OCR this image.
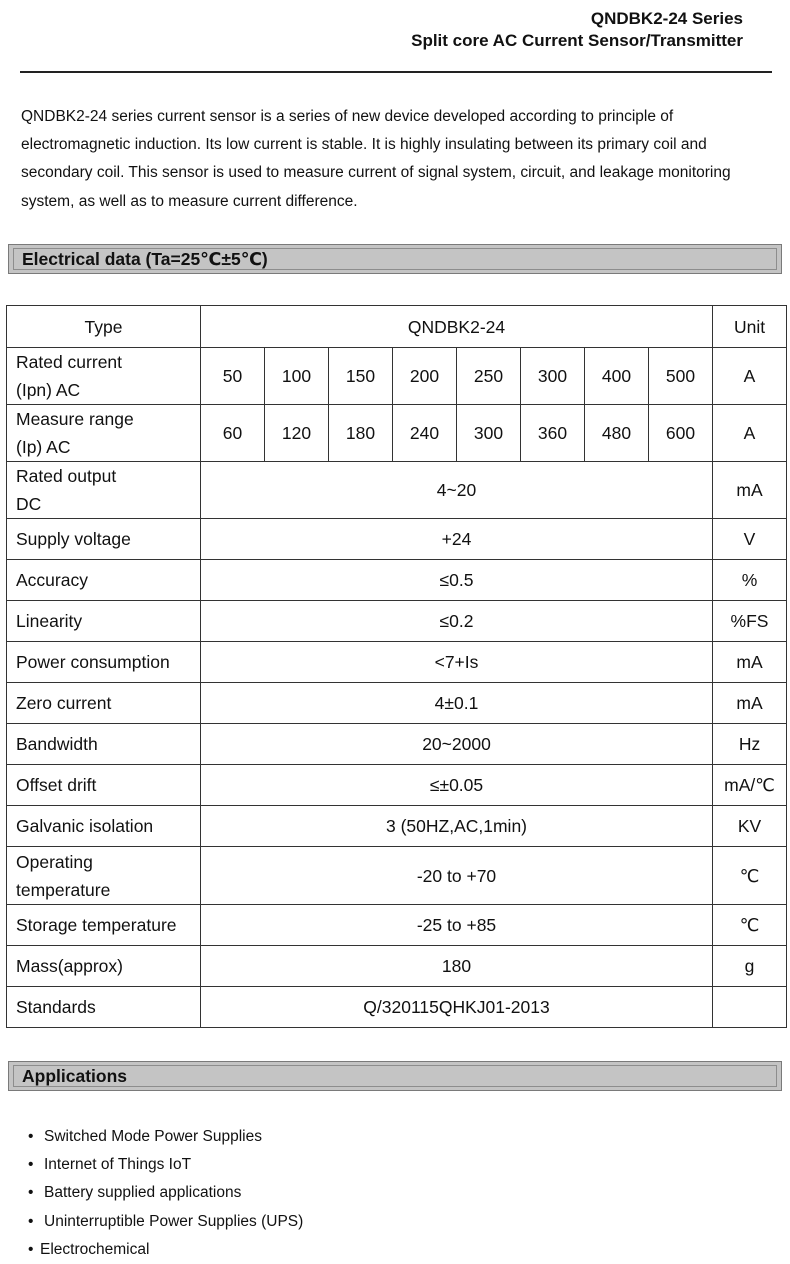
QNDBK2-24 Series
Split core AC Current Sensor/Transmitter
QNDBK2-24 series current sensor is a series of new device developed according to principle of electromagnetic induction. Its low current is stable. It is highly insulating between its primary coil and secondary coil. This sensor is used to measure current of signal system, circuit, and leakage monitoring system, as well as to measure current difference.
Electrical data (Ta=25℃±5℃)
Type	QNDBK2-24								Unit

Rated current
(Ipn) AC	50	100	150	200	250	300	400	500	A

Measure range
(Ip) AC	60	120	180	240	300	360	480	600	A

Rated output
DC	4~20								mA
Supply voltage	+24								V
Accuracy	≤0.5								%
Linearity	≤0.2								%FS
Power consumption	<7+Is								mA
Zero current	4±0.1								mA
Bandwidth	20~2000								Hz
Offset drift	≤±0.05								mA/℃
Galvanic isolation	3 (50HZ,AC,1min)								KV

Operating
temperature	-20 to +70								℃
Storage temperature	-25 to +85								℃
Mass(approx)	180								g
Standards	Q/320115QHKJ01-2013								
Applications
• Switched Mode Power Supplies
• Internet of Things IoT
• Battery supplied applications
• Uninterruptible Power Supplies (UPS)
• Electrochemical
